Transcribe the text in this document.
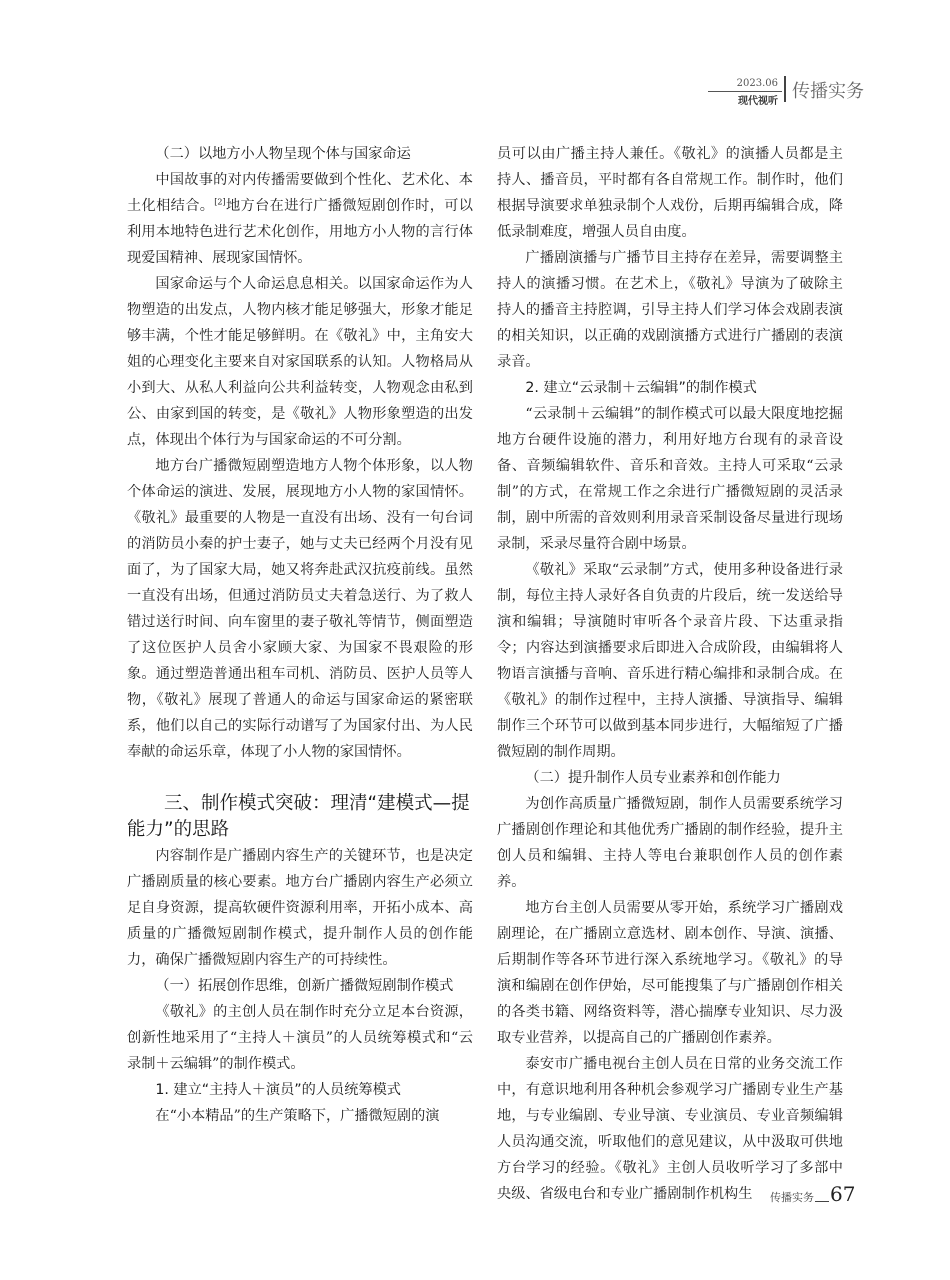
2023.06
现代视听 传播实务

（二）以地方小人物呈现个体与国家命运

中国故事的对内传播需要做到个性化、艺术化、本土化相结合。[2]地方台在进行广播微短剧创作时，可以利用本地特色进行艺术化创作，用地方小人物的言行体现爱国精神、展现家国情怀。

国家命运与个人命运息息相关。以国家命运作为人物塑造的出发点，人物内核才能足够强大，形象才能足够丰满，个性才能足够鲜明。在《敬礼》中，主角安大姐的心理变化主要来自对家国联系的认知。人物格局从小到大、从私人利益向公共利益转变，人物观念由私到公、由家到国的转变，是《敬礼》人物形象塑造的出发点，体现出个体行为与国家命运的不可分割。

地方台广播微短剧塑造地方人物个体形象，以人物个体命运的演进、发展，展现地方小人物的家国情怀。《敬礼》最重要的人物是一直没有出场、没有一句台词的消防员小秦的护士妻子，她与丈夫已经两个月没有见面了，为了国家大局，她又将奔赴武汉抗疫前线。虽然一直没有出场，但通过消防员丈夫着急送行、为了救人错过送行时间、向车窗里的妻子敬礼等情节，侧面塑造了这位医护人员舍小家顾大家、为国家不畏艰险的形象。通过塑造普通出租车司机、消防员、医护人员等人物，《敬礼》展现了普通人的命运与国家命运的紧密联系，他们以自己的实际行动谱写了为国家付出、为人民奉献的命运乐章，体现了小人物的家国情怀。

三、制作模式突破：理清“建模式—提能力”的思路

内容制作是广播剧内容生产的关键环节，也是决定广播剧质量的核心要素。地方台广播剧内容生产必须立足自身资源，提高软硬件资源利用率，开拓小成本、高质量的广播微短剧制作模式，提升制作人员的创作能力，确保广播微短剧内容生产的可持续性。

（一）拓展创作思维，创新广播微短剧制作模式

《敬礼》的主创人员在制作时充分立足本台资源，创新性地采用了“主持人＋演员”的人员统筹模式和“云录制＋云编辑”的制作模式。

1. 建立“主持人＋演员”的人员统筹模式

在“小本精品”的生产策略下，广播微短剧的演

员可以由广播主持人兼任。《敬礼》的演播人员都是主持人、播音员，平时都有各自常规工作。制作时，他们根据导演要求单独录制个人戏份，后期再编辑合成，降低录制难度，增强人员自由度。

广播剧演播与广播节目主持存在差异，需要调整主持人的演播习惯。在艺术上，《敬礼》导演为了破除主持人的播音主持腔调，引导主持人们学习体会戏剧表演的相关知识，以正确的戏剧演播方式进行广播剧的表演录音。

2. 建立“云录制＋云编辑”的制作模式

“云录制＋云编辑”的制作模式可以最大限度地挖掘地方台硬件设施的潜力，利用好地方台现有的录音设备、音频编辑软件、音乐和音效。主持人可采取“云录制”的方式，在常规工作之余进行广播微短剧的灵活录制，剧中所需的音效则利用录音采制设备尽量进行现场录制，采录尽量符合剧中场景。

《敬礼》采取“云录制”方式，使用多种设备进行录制，每位主持人录好各自负责的片段后，统一发送给导演和编辑；导演随时审听各个录音片段、下达重录指令；内容达到演播要求后即进入合成阶段，由编辑将人物语言演播与音响、音乐进行精心编排和录制合成。在《敬礼》的制作过程中，主持人演播、导演指导、编辑制作三个环节可以做到基本同步进行，大幅缩短了广播微短剧的制作周期。

（二）提升制作人员专业素养和创作能力

为创作高质量广播微短剧，制作人员需要系统学习广播剧创作理论和其他优秀广播剧的制作经验，提升主创人员和编辑、主持人等电台兼职创作人员的创作素养。

地方台主创人员需要从零开始，系统学习广播剧戏剧理论，在广播剧立意选材、剧本创作、导演、演播、后期制作等各环节进行深入系统地学习。《敬礼》的导演和编剧在创作伊始，尽可能搜集了与广播剧创作相关的各类书籍、网络资料等，潜心揣摩专业知识、尽力汲取专业营养，以提高自己的广播剧创作素养。

泰安市广播电视台主创人员在日常的业务交流工作中，有意识地利用各种机会参观学习广播剧专业生产基地，与专业编剧、专业导演、专业演员、专业音频编辑人员沟通交流，听取他们的意见建议，从中汲取可供地方台学习的经验。《敬礼》主创人员收听学习了多部中央级、省级电台和专业广播剧制作机构生	传播实务 67
